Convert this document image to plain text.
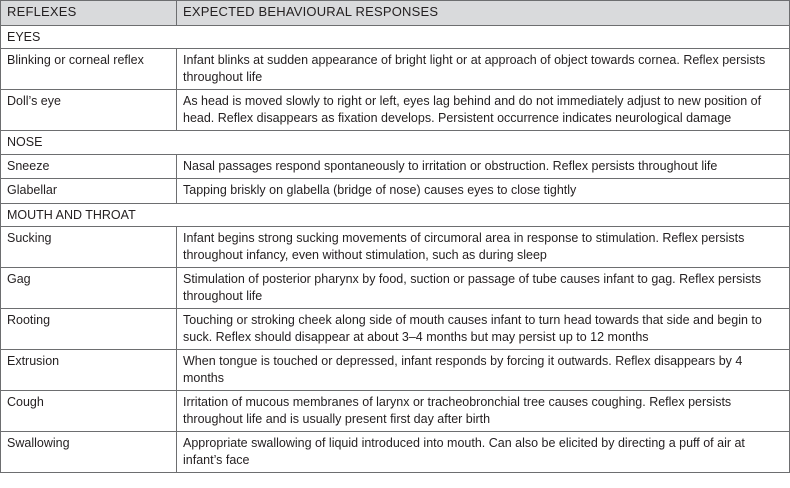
REFLEXES	EXPECTED BEHAVIOURAL RESPONSES
EYES	
Blinking or corneal reflex	Infant blinks at sudden appearance of bright light or at approach of object towards cornea. Reflex persists throughout life
Doll’s eye	As head is moved slowly to right or left, eyes lag behind and do not immediately adjust to new position of head. Reflex disappears as fixation develops. Persistent occurrence indicates neurological damage
NOSE	
Sneeze	Nasal passages respond spontaneously to irritation or obstruction. Reflex persists throughout life
Glabellar	Tapping briskly on glabella (bridge of nose) causes eyes to close tightly
MOUTH AND THROAT	
Sucking	Infant begins strong sucking movements of circumoral area in response to stimulation. Reflex persists throughout infancy, even without stimulation, such as during sleep
Gag	Stimulation of posterior pharynx by food, suction or passage of tube causes infant to gag. Reflex persists throughout life
Rooting	Touching or stroking cheek along side of mouth causes infant to turn head towards that side and begin to suck. Reflex should disappear at about 3–4 months but may persist up to 12 months
Extrusion	When tongue is touched or depressed, infant responds by forcing it outwards. Reflex disappears by 4 months
Cough	Irritation of mucous membranes of larynx or tracheobronchial tree causes coughing. Reflex persists throughout life and is usually present first day after birth
Swallowing	Appropriate swallowing of liquid introduced into mouth. Can also be elicited by directing a puff of air at infant’s face
